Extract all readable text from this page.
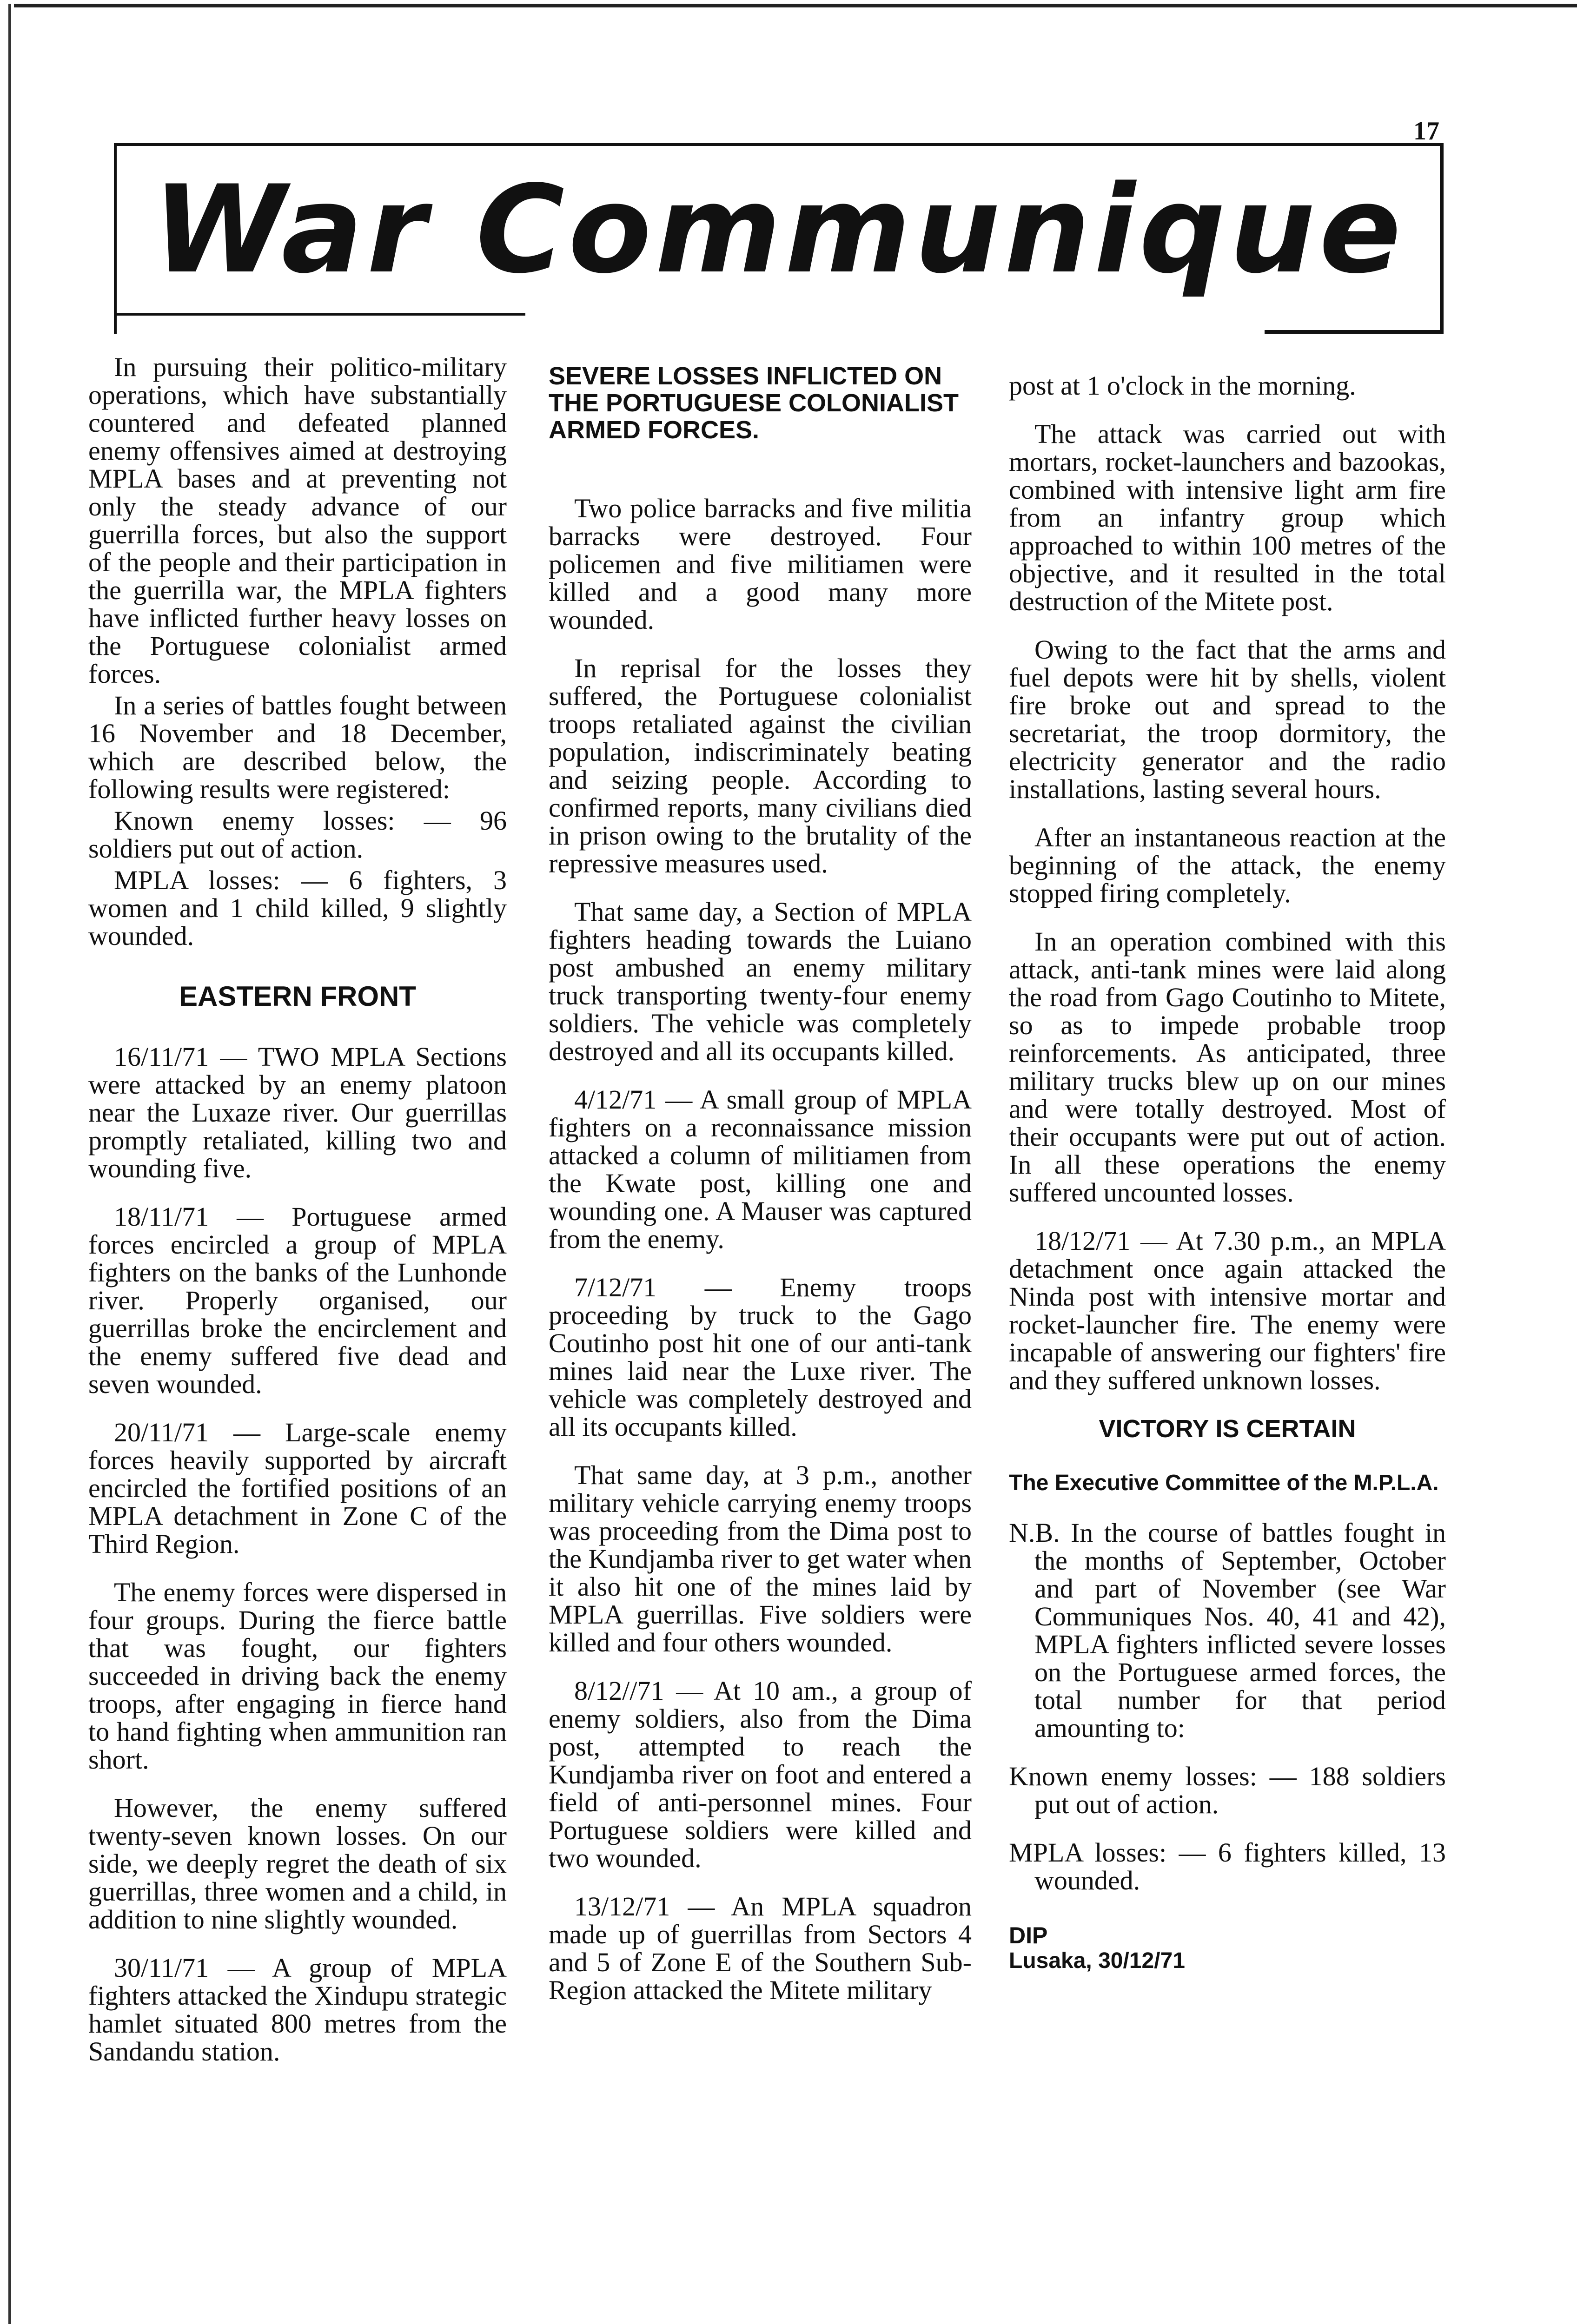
17
War Communique

In pursuing their politico-military operations, which have substantially countered and defeated planned enemy offensives aimed at destroying MPLA bases and at preventing not only the steady advance of our guerrilla forces, but also the support of the people and their participation in the guerrilla war, the MPLA fighters have inflicted further heavy losses on the Portuguese colonialist armed forces.

In a series of battles fought between 16 November and 18 December, which are described below, the following results were registered:

Known enemy losses: — 96 soldiers put out of action.

MPLA losses: — 6 fighters, 3 women and 1 child killed, 9 slightly wounded.

EASTERN FRONT

16/11/71 — TWO MPLA Sections were attacked by an enemy platoon near the Luxaze river. Our guerrillas promptly retaliated, killing two and wounding five.

18/11/71 — Portuguese armed forces encircled a group of MPLA fighters on the banks of the Lunhonde river. Properly organised, our guerrillas broke the encirclement and the enemy suffered five dead and seven wounded.

20/11/71 — Large-scale enemy forces heavily supported by aircraft encircled the fortified positions of an MPLA detachment in Zone C of the Third Region.

The enemy forces were dispersed in four groups. During the fierce battle that was fought, our fighters succeeded in driving back the enemy troops, after engaging in fierce hand to hand fighting when ammunition ran short.

However, the enemy suffered twenty-seven known losses. On our side, we deeply regret the death of six guerrillas, three women and a child, in addition to nine slightly wounded.

30/11/71 — A group of MPLA fighters attacked the Xindupu strategic hamlet situated 800 metres from the Sandandu station.

SEVERE LOSSES INFLICTED ON THE PORTUGUESE COLONIALIST ARMED FORCES.

Two police barracks and five militia barracks were destroyed. Four policemen and five militiamen were killed and a good many more wounded.

In reprisal for the losses they suffered, the Portuguese colonialist troops retaliated against the civilian population, indiscriminately beating and seizing people. According to confirmed reports, many civilians died in prison owing to the brutality of the repressive measures used.

That same day, a Section of MPLA fighters heading towards the Luiano post ambushed an enemy military truck transporting twenty-four enemy soldiers. The vehicle was completely destroyed and all its occupants killed.

4/12/71 — A small group of MPLA fighters on a reconnaissance mission attacked a column of militiamen from the Kwate post, killing one and wounding one. A Mauser was captured from the enemy.

7/12/71 — Enemy troops proceeding by truck to the Gago Coutinho post hit one of our anti-tank mines laid near the Luxe river. The vehicle was completely destroyed and all its occupants killed.

That same day, at 3 p.m., another military vehicle carrying enemy troops was proceeding from the Dima post to the Kundjamba river to get water when it also hit one of the mines laid by MPLA guerrillas. Five soldiers were killed and four others wounded.

8/12//71 — At 10 am., a group of enemy soldiers, also from the Dima post, attempted to reach the Kundjamba river on foot and entered a field of anti-personnel mines. Four Portuguese soldiers were killed and two wounded.

13/12/71 — An MPLA squadron made up of guerrillas from Sectors 4 and 5 of Zone E of the Southern Sub-Region attacked the Mitete military

post at 1 o'clock in the morning.

The attack was carried out with mortars, rocket-launchers and bazookas, combined with intensive light arm fire from an infantry group which approached to within 100 metres of the objective, and it resulted in the total destruction of the Mitete post.

Owing to the fact that the arms and fuel depots were hit by shells, violent fire broke out and spread to the secretariat, the troop dormitory, the electricity generator and the radio installations, lasting several hours.

After an instantaneous reaction at the beginning of the attack, the enemy stopped firing completely.

In an operation combined with this attack, anti-tank mines were laid along the road from Gago Coutinho to Mitete, so as to impede probable troop reinforcements. As anticipated, three military trucks blew up on our mines and were totally destroyed. Most of their occupants were put out of action. In all these operations the enemy suffered uncounted losses.

18/12/71 — At 7.30 p.m., an MPLA detachment once again attacked the Ninda post with intensive mortar and rocket-launcher fire. The enemy were incapable of answering our fighters' fire and they suffered unknown losses.

VICTORY IS CERTAIN
The Executive Committee of the M.P.L.A.

N.B. In the course of battles fought in the months of September, October and part of November (see War Communiques Nos. 40, 41 and 42), MPLA fighters inflicted severe losses on the Portuguese armed forces, the total number for that period amounting to:

Known enemy losses: — 188 soldiers put out of action.

MPLA losses: — 6 fighters killed, 13 wounded.

DIP
Lusaka, 30/12/71
